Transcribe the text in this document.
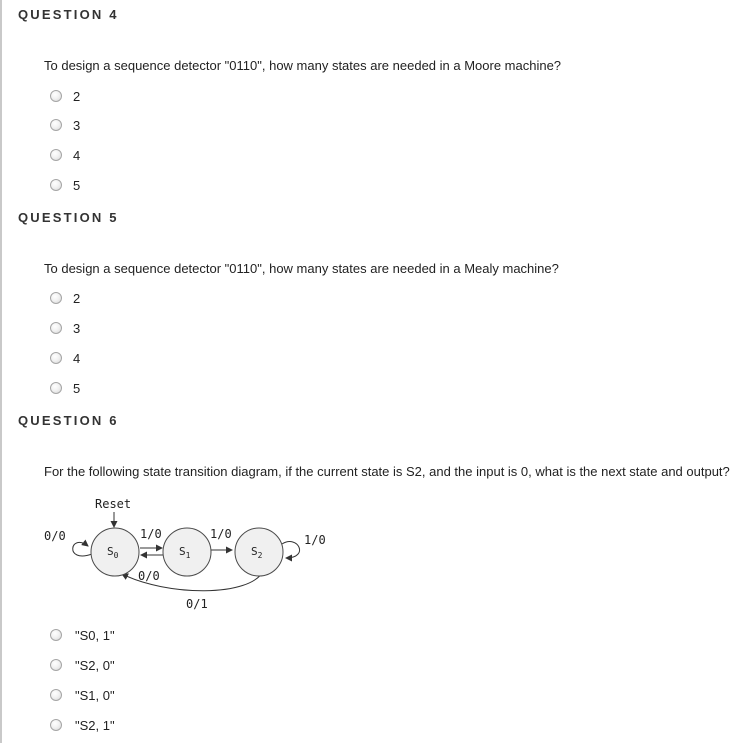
QUESTION 4
To design a sequence detector "0110", how many states are needed in a Moore machine?
2
3
4
5
QUESTION 5
To design a sequence detector "0110", how many states are needed in a Mealy machine?
2
3
4
5
QUESTION 6
For the following state transition diagram, if the current state is S2, and the input is 0, what is the next state and output?
Reset
0/0	1/0
0/0
1/0	1/0
0/1
$S_0$	$S_1$	$S_2$
"S0, 1"
"S2, 0"
"S1, 0"
"S2, 1"
